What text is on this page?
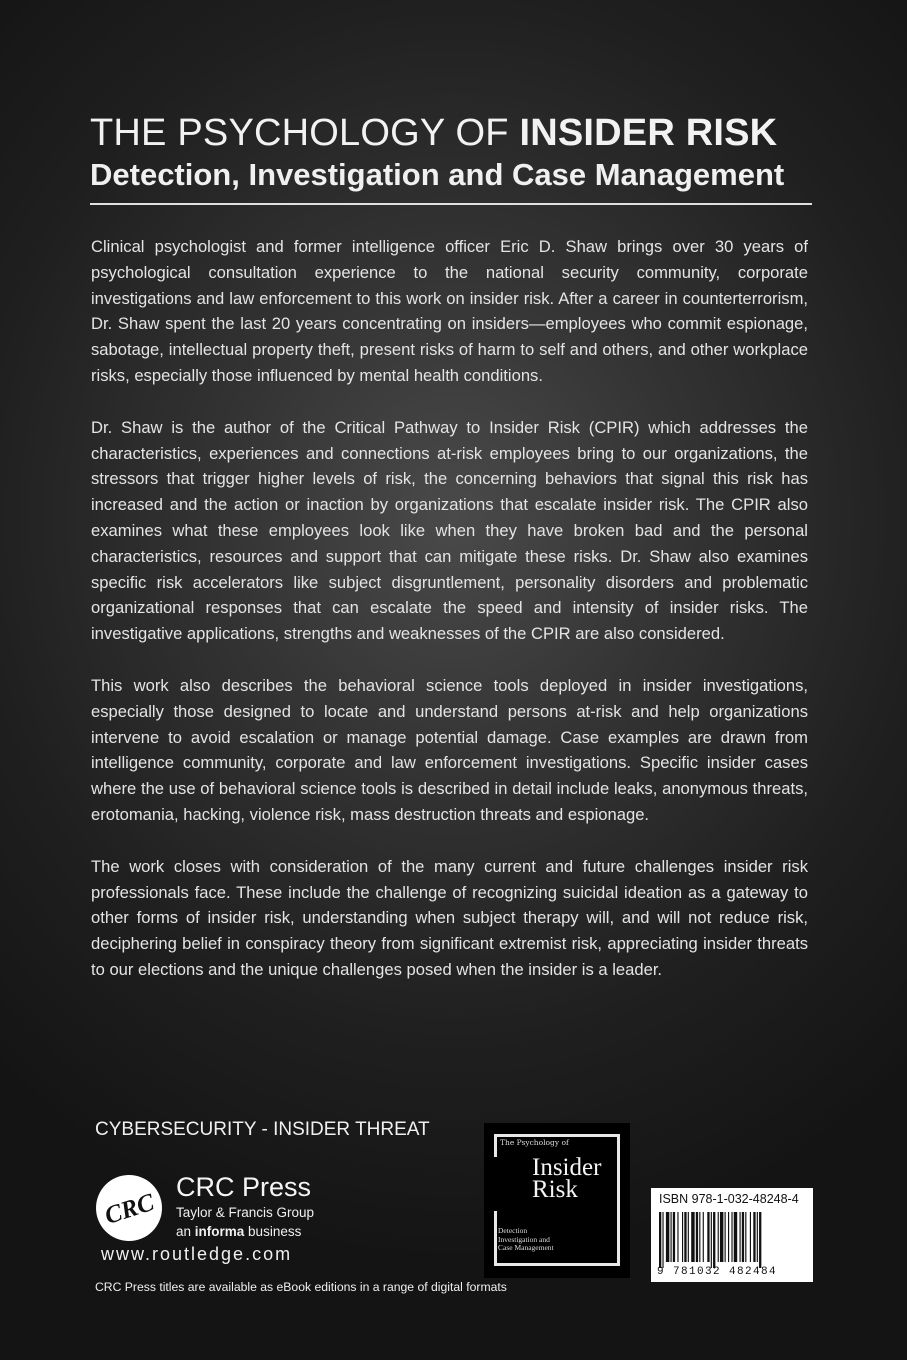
THE PSYCHOLOGY OF INSIDER RISK
Detection, Investigation and Case Management

Clinical psychologist and former intelligence officer Eric D. Shaw brings over 30 years of psychological consultation experience to the national security community, corporate investigations and law enforcement to this work on insider risk. After a career in counterterrorism, Dr. Shaw spent the last 20 years concentrating on insiders—employees who commit espionage, sabotage, intellectual property theft, present risks of harm to self and others, and other workplace risks, especially those influenced by mental health conditions.

Dr. Shaw is the author of the Critical Pathway to Insider Risk (CPIR) which addresses the characteristics, experiences and connections at-risk employees bring to our organizations, the stressors that trigger higher levels of risk, the concerning behaviors that signal this risk has increased and the action or inaction by organizations that escalate insider risk. The CPIR also examines what these employees look like when they have broken bad and the personal characteristics, resources and support that can mitigate these risks. Dr. Shaw also examines specific risk accelerators like subject disgruntlement, personality disorders and problematic organizational responses that can escalate the speed and intensity of insider risks. The investigative applications, strengths and weaknesses of the CPIR are also considered.

This work also describes the behavioral science tools deployed in insider investigations, especially those designed to locate and understand persons at-risk and help organizations intervene to avoid escalation or manage potential damage. Case examples are drawn from intelligence community, corporate and law enforcement investigations. Specific insider cases where the use of behavioral science tools is described in detail include leaks, anonymous threats, erotomania, hacking, violence risk, mass destruction threats and espionage.

The work closes with consideration of the many current and future challenges insider risk professionals face. These include the challenge of recognizing suicidal ideation as a gateway to other forms of insider risk, understanding when subject therapy will, and will not reduce risk, deciphering belief in conspiracy theory from significant extremist risk, appreciating insider threats to our elections and the unique challenges posed when the insider is a leader.

CYBERSECURITY - INSIDER THREAT
CRC
CRC Press
Taylor & Francis Group
an informa business
www.routledge.com
CRC Press titles are available as eBook editions in a range of digital formats
The Psychology of
Insider
Risk
Detection
Investigation and
Case Management
ISBN 978-1-032-48248-4
9 781032 482484
